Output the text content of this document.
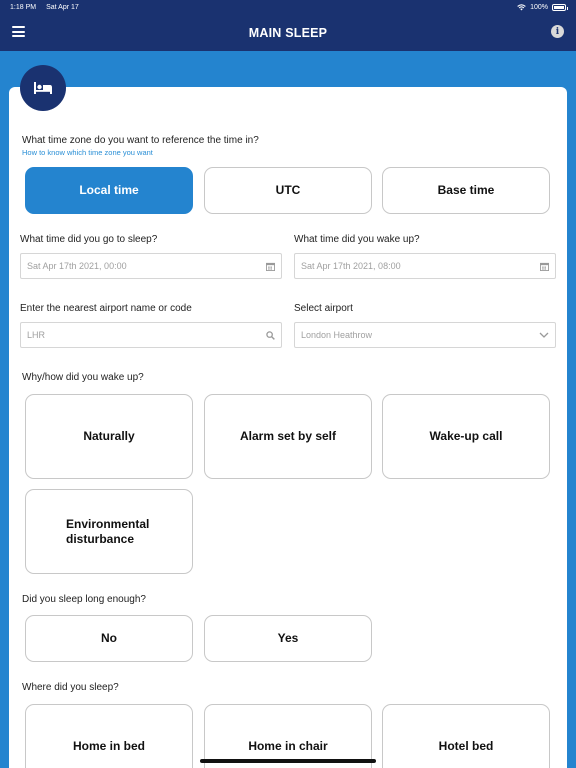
1:18 PM Sat Apr 17	100%
MAIN SLEEP	i
What time zone do you want to reference the time in?
How to know which time zone you want
Local time	UTC	Base time
What time did you go to sleep?
Sat Apr 17th 2021, 00:00
What time did you wake up?
Sat Apr 17th 2021, 08:00
Enter the nearest airport name or code
LHR
Select airport
London Heathrow
Why/how did you wake up?
Naturally	Alarm set by self	Wake-up call
Environmental disturbance
Did you sleep long enough?
No	Yes
Where did you sleep?
Home in bed	Home in chair	Hotel bed
